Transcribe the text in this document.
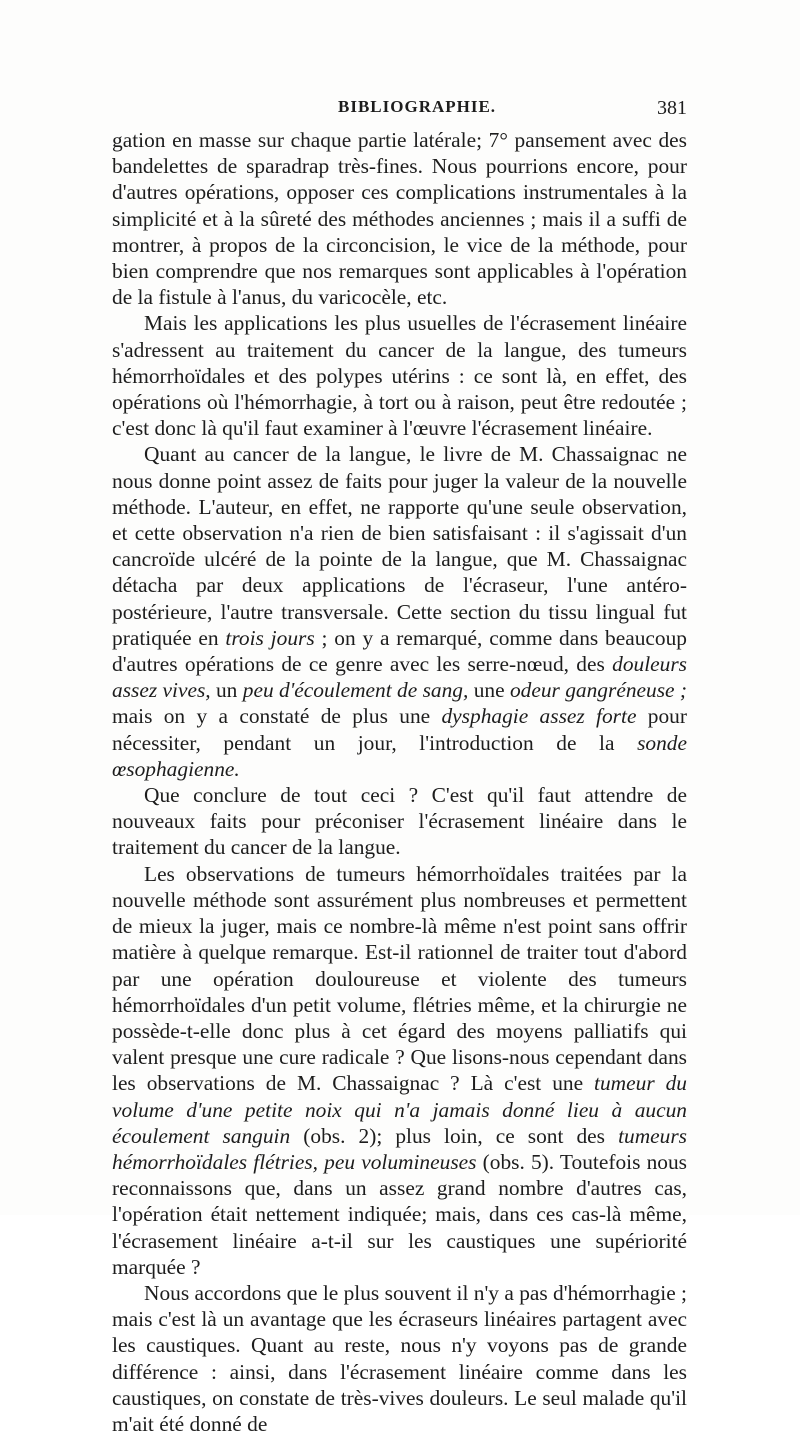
BIBLIOGRAPHIE.	381

gation en masse sur chaque partie latérale; 7° pansement avec des bandelettes de sparadrap très-fines. Nous pourrions encore, pour d'autres opérations, opposer ces complications instrumentales à la simplicité et à la sûreté des méthodes anciennes ; mais il a suffi de montrer, à propos de la circoncision, le vice de la méthode, pour bien comprendre que nos remarques sont applicables à l'opération de la fistule à l'anus, du varicocèle, etc.

Mais les applications les plus usuelles de l'écrasement linéaire s'adressent au traitement du cancer de la langue, des tumeurs hémorrhoïdales et des polypes utérins : ce sont là, en effet, des opérations où l'hémorrhagie, à tort ou à raison, peut être redoutée ; c'est donc là qu'il faut examiner à l'œuvre l'écrasement linéaire.

Quant au cancer de la langue, le livre de M. Chassaignac ne nous donne point assez de faits pour juger la valeur de la nouvelle méthode. L'auteur, en effet, ne rapporte qu'une seule observation, et cette observation n'a rien de bien satisfaisant : il s'agissait d'un cancroïde ulcéré de la pointe de la langue, que M. Chassaignac détacha par deux applications de l'écraseur, l'une antéro-postérieure, l'autre transversale. Cette section du tissu lingual fut pratiquée en trois jours ; on y a remarqué, comme dans beaucoup d'autres opérations de ce genre avec les serre-nœud, des douleurs assez vives, un peu d'écoulement de sang, une odeur gangréneuse ; mais on y a constaté de plus une dysphagie assez forte pour nécessiter, pendant un jour, l'introduction de la sonde œsophagienne.

Que conclure de tout ceci ? C'est qu'il faut attendre de nouveaux faits pour préconiser l'écrasement linéaire dans le traitement du cancer de la langue.

Les observations de tumeurs hémorrhoïdales traitées par la nouvelle méthode sont assurément plus nombreuses et permettent de mieux la juger, mais ce nombre-là même n'est point sans offrir matière à quelque remarque. Est-il rationnel de traiter tout d'abord par une opération douloureuse et violente des tumeurs hémorrhoïdales d'un petit volume, flétries même, et la chirurgie ne possède-t-elle donc plus à cet égard des moyens palliatifs qui valent presque une cure radicale ? Que lisons-nous cependant dans les observations de M. Chassaignac ? Là c'est une tumeur du volume d'une petite noix qui n'a jamais donné lieu à aucun écoulement sanguin (obs. 2); plus loin, ce sont des tumeurs hémorrhoïdales flétries, peu volumineuses (obs. 5). Toutefois nous reconnaissons que, dans un assez grand nombre d'autres cas, l'opération était nettement indiquée; mais, dans ces cas-là même, l'écrasement linéaire a-t-il sur les caustiques une supériorité marquée ?

Nous accordons que le plus souvent il n'y a pas d'hémorrhagie ; mais c'est là un avantage que les écraseurs linéaires partagent avec les caustiques. Quant au reste, nous n'y voyons pas de grande différence : ainsi, dans l'écrasement linéaire comme dans les caustiques, on constate de très-vives douleurs. Le seul malade qu'il m'ait été donné de
